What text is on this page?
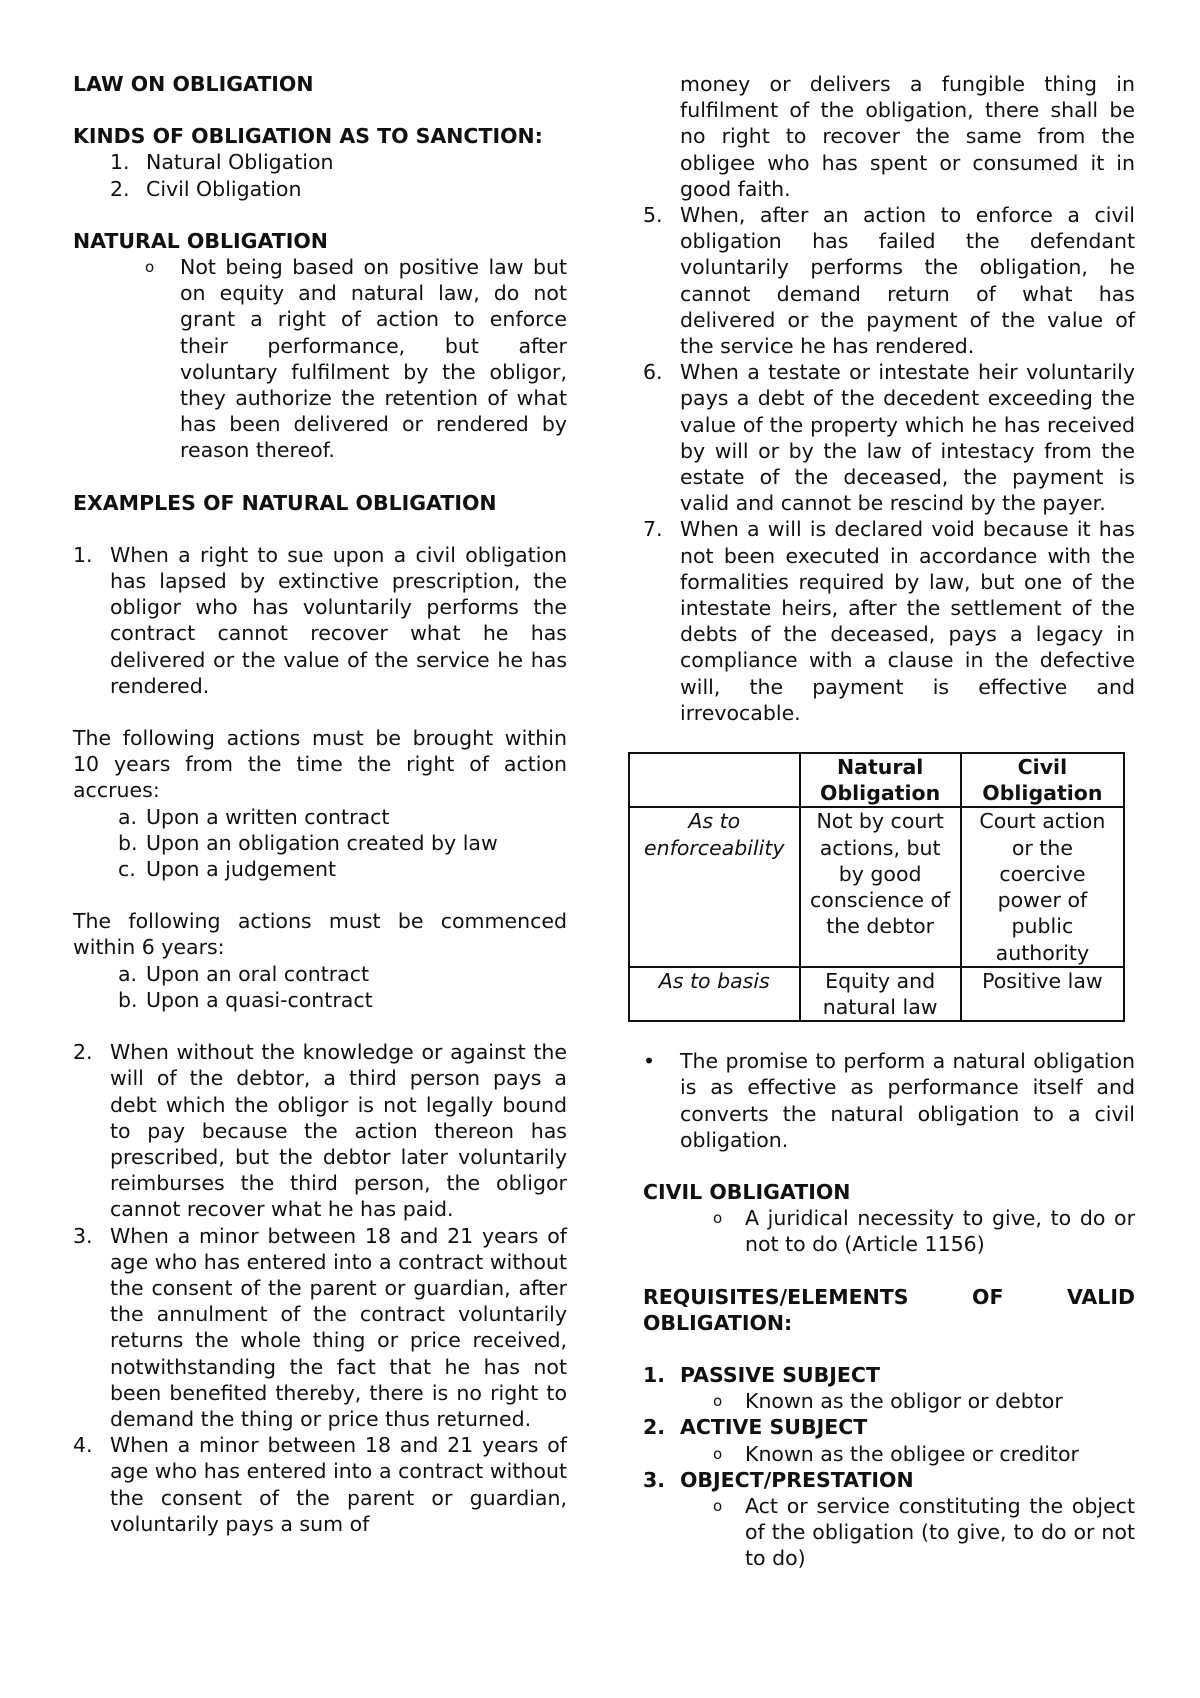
LAW ON OBLIGATION

KINDS OF OBLIGATION AS TO SANCTION:

1. Natural Obligation
2. Civil Obligation

NATURAL OBLIGATION

o Not being based on positive law but on equity and natural law, do not grant a right of action to enforce their performance, but after voluntary fulfilment by the obligor, they authorize the retention of what has been delivered or rendered by reason thereof.

EXAMPLES OF NATURAL OBLIGATION

1. When a right to sue upon a civil obligation has lapsed by extinctive prescription, the obligor who has voluntarily performs the contract cannot recover what he has delivered or the value of the service he has rendered.

The following actions must be brought within 10 years from the time the right of action accrues:

a. Upon a written contract
b. Upon an obligation created by law
c. Upon a judgement

The following actions must be commenced within 6 years:

a. Upon an oral contract
b. Upon a quasi-contract
2. When without the knowledge or against the will of the debtor, a third person pays a debt which the obligor is not legally bound to pay because the action thereon has prescribed, but the debtor later voluntarily reimburses the third person, the obligor cannot recover what he has paid.
3. When a minor between 18 and 21 years of age who has entered into a contract without the consent of the parent or guardian, after the annulment of the contract voluntarily returns the whole thing or price received, notwithstanding the fact that he has not been benefited thereby, there is no right to demand the thing or price thus returned.
4. When a minor between 18 and 21 years of age who has entered into a contract without the consent of the parent or guardian, voluntarily pays a sum of
money or delivers a fungible thing in fulfilment of the obligation, there shall be no right to recover the same from the obligee who has spent or consumed it in good faith.
5. When, after an action to enforce a civil obligation has failed the defendant voluntarily performs the obligation, he cannot demand return of what has delivered or the payment of the value of the service he has rendered.
6. When a testate or intestate heir voluntarily pays a debt of the decedent exceeding the value of the property which he has received by will or by the law of intestacy from the estate of the deceased, the payment is valid and cannot be rescind by the payer.
7. When a will is declared void because it has not been executed in accordance with the formalities required by law, but one of the intestate heirs, after the settlement of the debts of the deceased, pays a legacy in compliance with a clause in the defective will, the payment is effective and irrevocable.
	Natural Obligation	Civil Obligation
As to enforceability	Not by court actions, but by good conscience of the debtor	Court action or the coercive power of public authority
As to basis	Equity and natural law	Positive law
• The promise to perform a natural obligation is as effective as performance itself and converts the natural obligation to a civil obligation.

CIVIL OBLIGATION

o A juridical necessity to give, to do or not to do (Article 1156)

REQUISITES/ELEMENTS OF VALID OBLIGATION:

1. PASSIVE SUBJECT
o Known as the obligor or debtor
2. ACTIVE SUBJECT
o Known as the obligee or creditor
3. OBJECT/PRESTATION
o Act or service constituting the object of the obligation (to give, to do or not to do)
